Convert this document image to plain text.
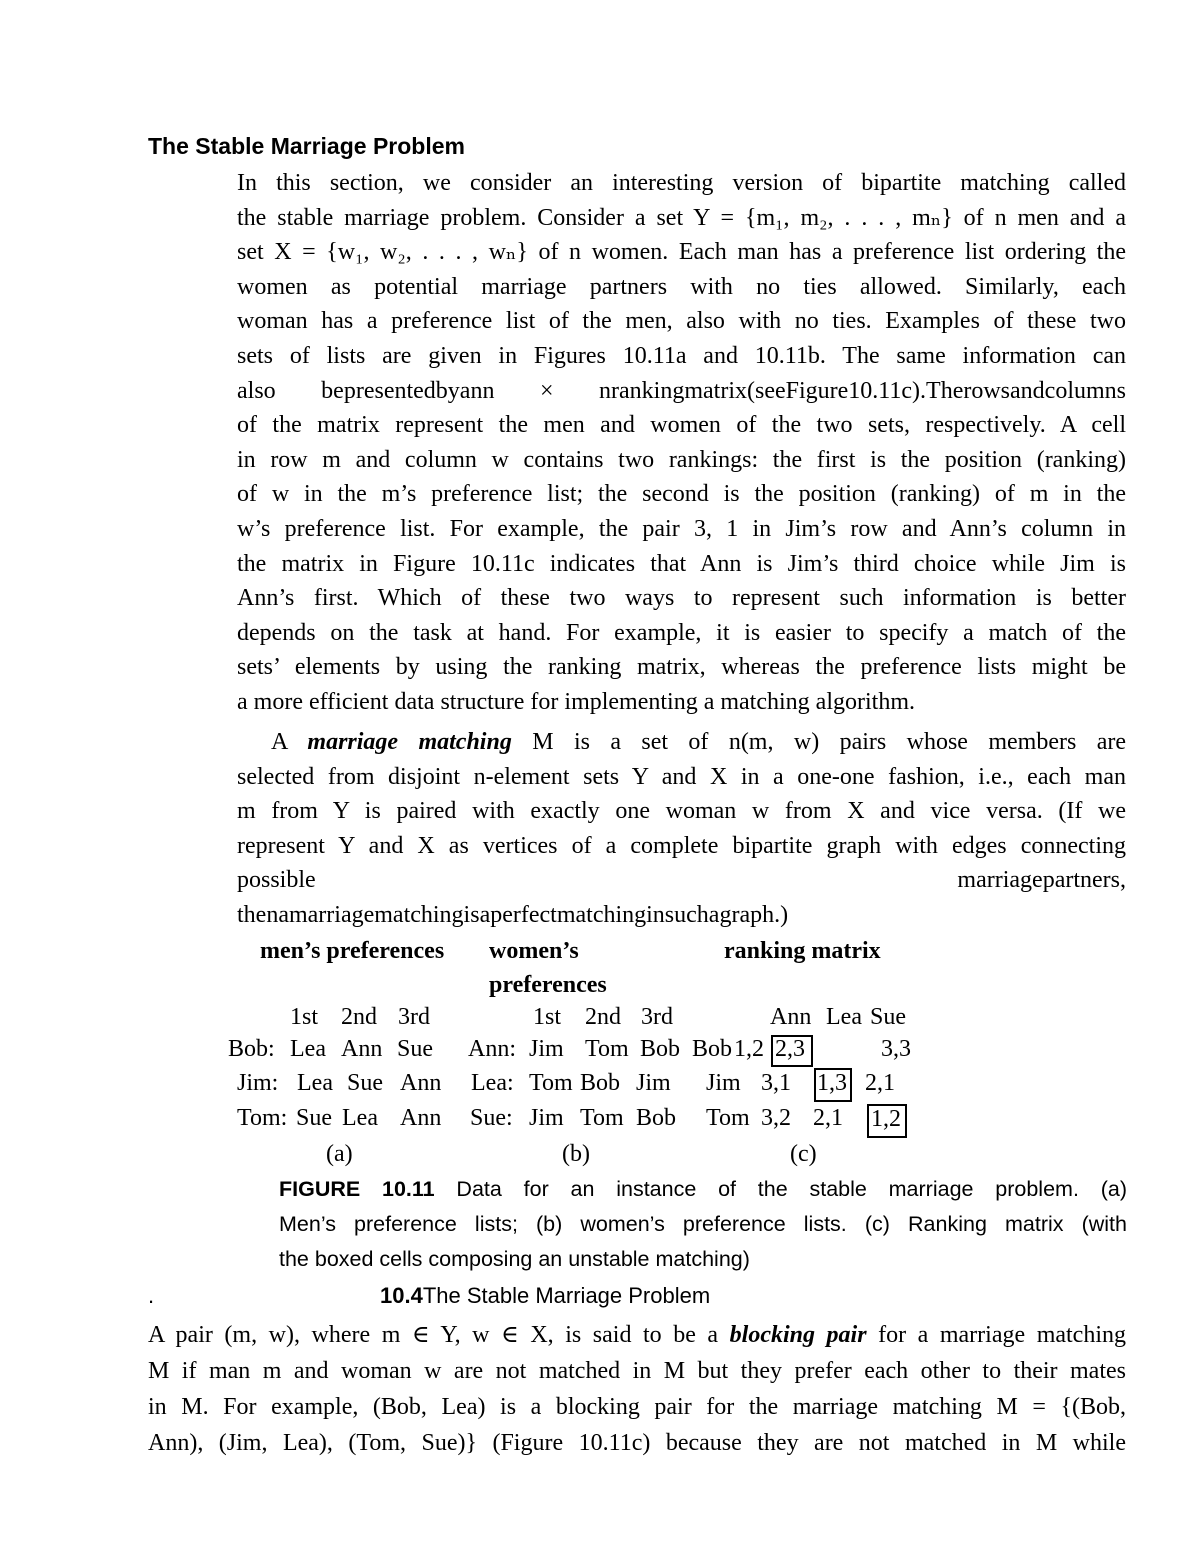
The Stable Marriage Problem
In this section, we consider an interesting version of bipartite matching called
the stable marriage problem. Consider a set Y = {m₁, m₂, . . . , mₙ} of n men and a
set X = {w₁, w₂, . . . , wₙ} of n women. Each man has a preference list ordering the
women as potential marriage partners with no ties allowed. Similarly, each
woman has a preference list of the men, also with no ties. Examples of these two
sets of lists are given in Figures 10.11a and 10.11b. The same information can
also bepresentedbyann × nrankingmatrix(seeFigure10.11c).Therowsandcolumns
of the matrix represent the men and women of the two sets, respectively. A cell
in row m and column w contains two rankings: the first is the position (ranking)
of w in the m’s preference list; the second is the position (ranking) of m in the
w’s preference list. For example, the pair 3, 1 in Jim’s row and Ann’s column in
the matrix in Figure 10.11c indicates that Ann is Jim’s third choice while Jim is
Ann’s first. Which of these two ways to represent such information is better
depends on the task at hand. For example, it is easier to specify a match of the
sets’ elements by using the ranking matrix, whereas the preference lists might be
a more efficient data structure for implementing a matching algorithm.
A marriage matching M is a set of n(m, w) pairs whose members are
selected from disjoint n-element sets Y and X in a one-one fashion, i.e., each man
m from Y is paired with exactly one woman w from X and vice versa. (If we
represent Y and X as vertices of a complete bipartite graph with edges connecting
possible	marriagepartners,
thenamarriagematchingisaperfectmatchinginsuchagraph.)
men’s preferences women’s
preferences
ranking matrix
1st 2nd 3rd	1st 2nd 3rd	Ann Lea Sue
Bob: Lea Ann Sue
Jim: Lea Sue Ann
Tom: Sue Lea Ann
Ann: Jim Tom Bob
Lea: Tom Bob Jim
Sue: Jim Tom Bob
Bob 1,2 2,3	3,3
Jim 3,1 1,3 2,1
Tom 3,2 2,1 1,2
(a)	(b)	(c)
FIGURE 10.11 Data for an instance of the stable marriage problem. (a)
Men’s preference lists; (b) women’s preference lists. (c) Ranking matrix (with
the boxed cells composing an unstable matching)
.	10.4The Stable Marriage Problem
A pair (m, w), where m ∈ Y, w ∈ X, is said to be a blocking pair for a marriage matching
M if man m and woman w are not matched in M but they prefer each other to their mates
in M. For example, (Bob, Lea) is a blocking pair for the marriage matching M = {(Bob,
Ann), (Jim, Lea), (Tom, Sue)} (Figure 10.11c) because they are not matched in M while
